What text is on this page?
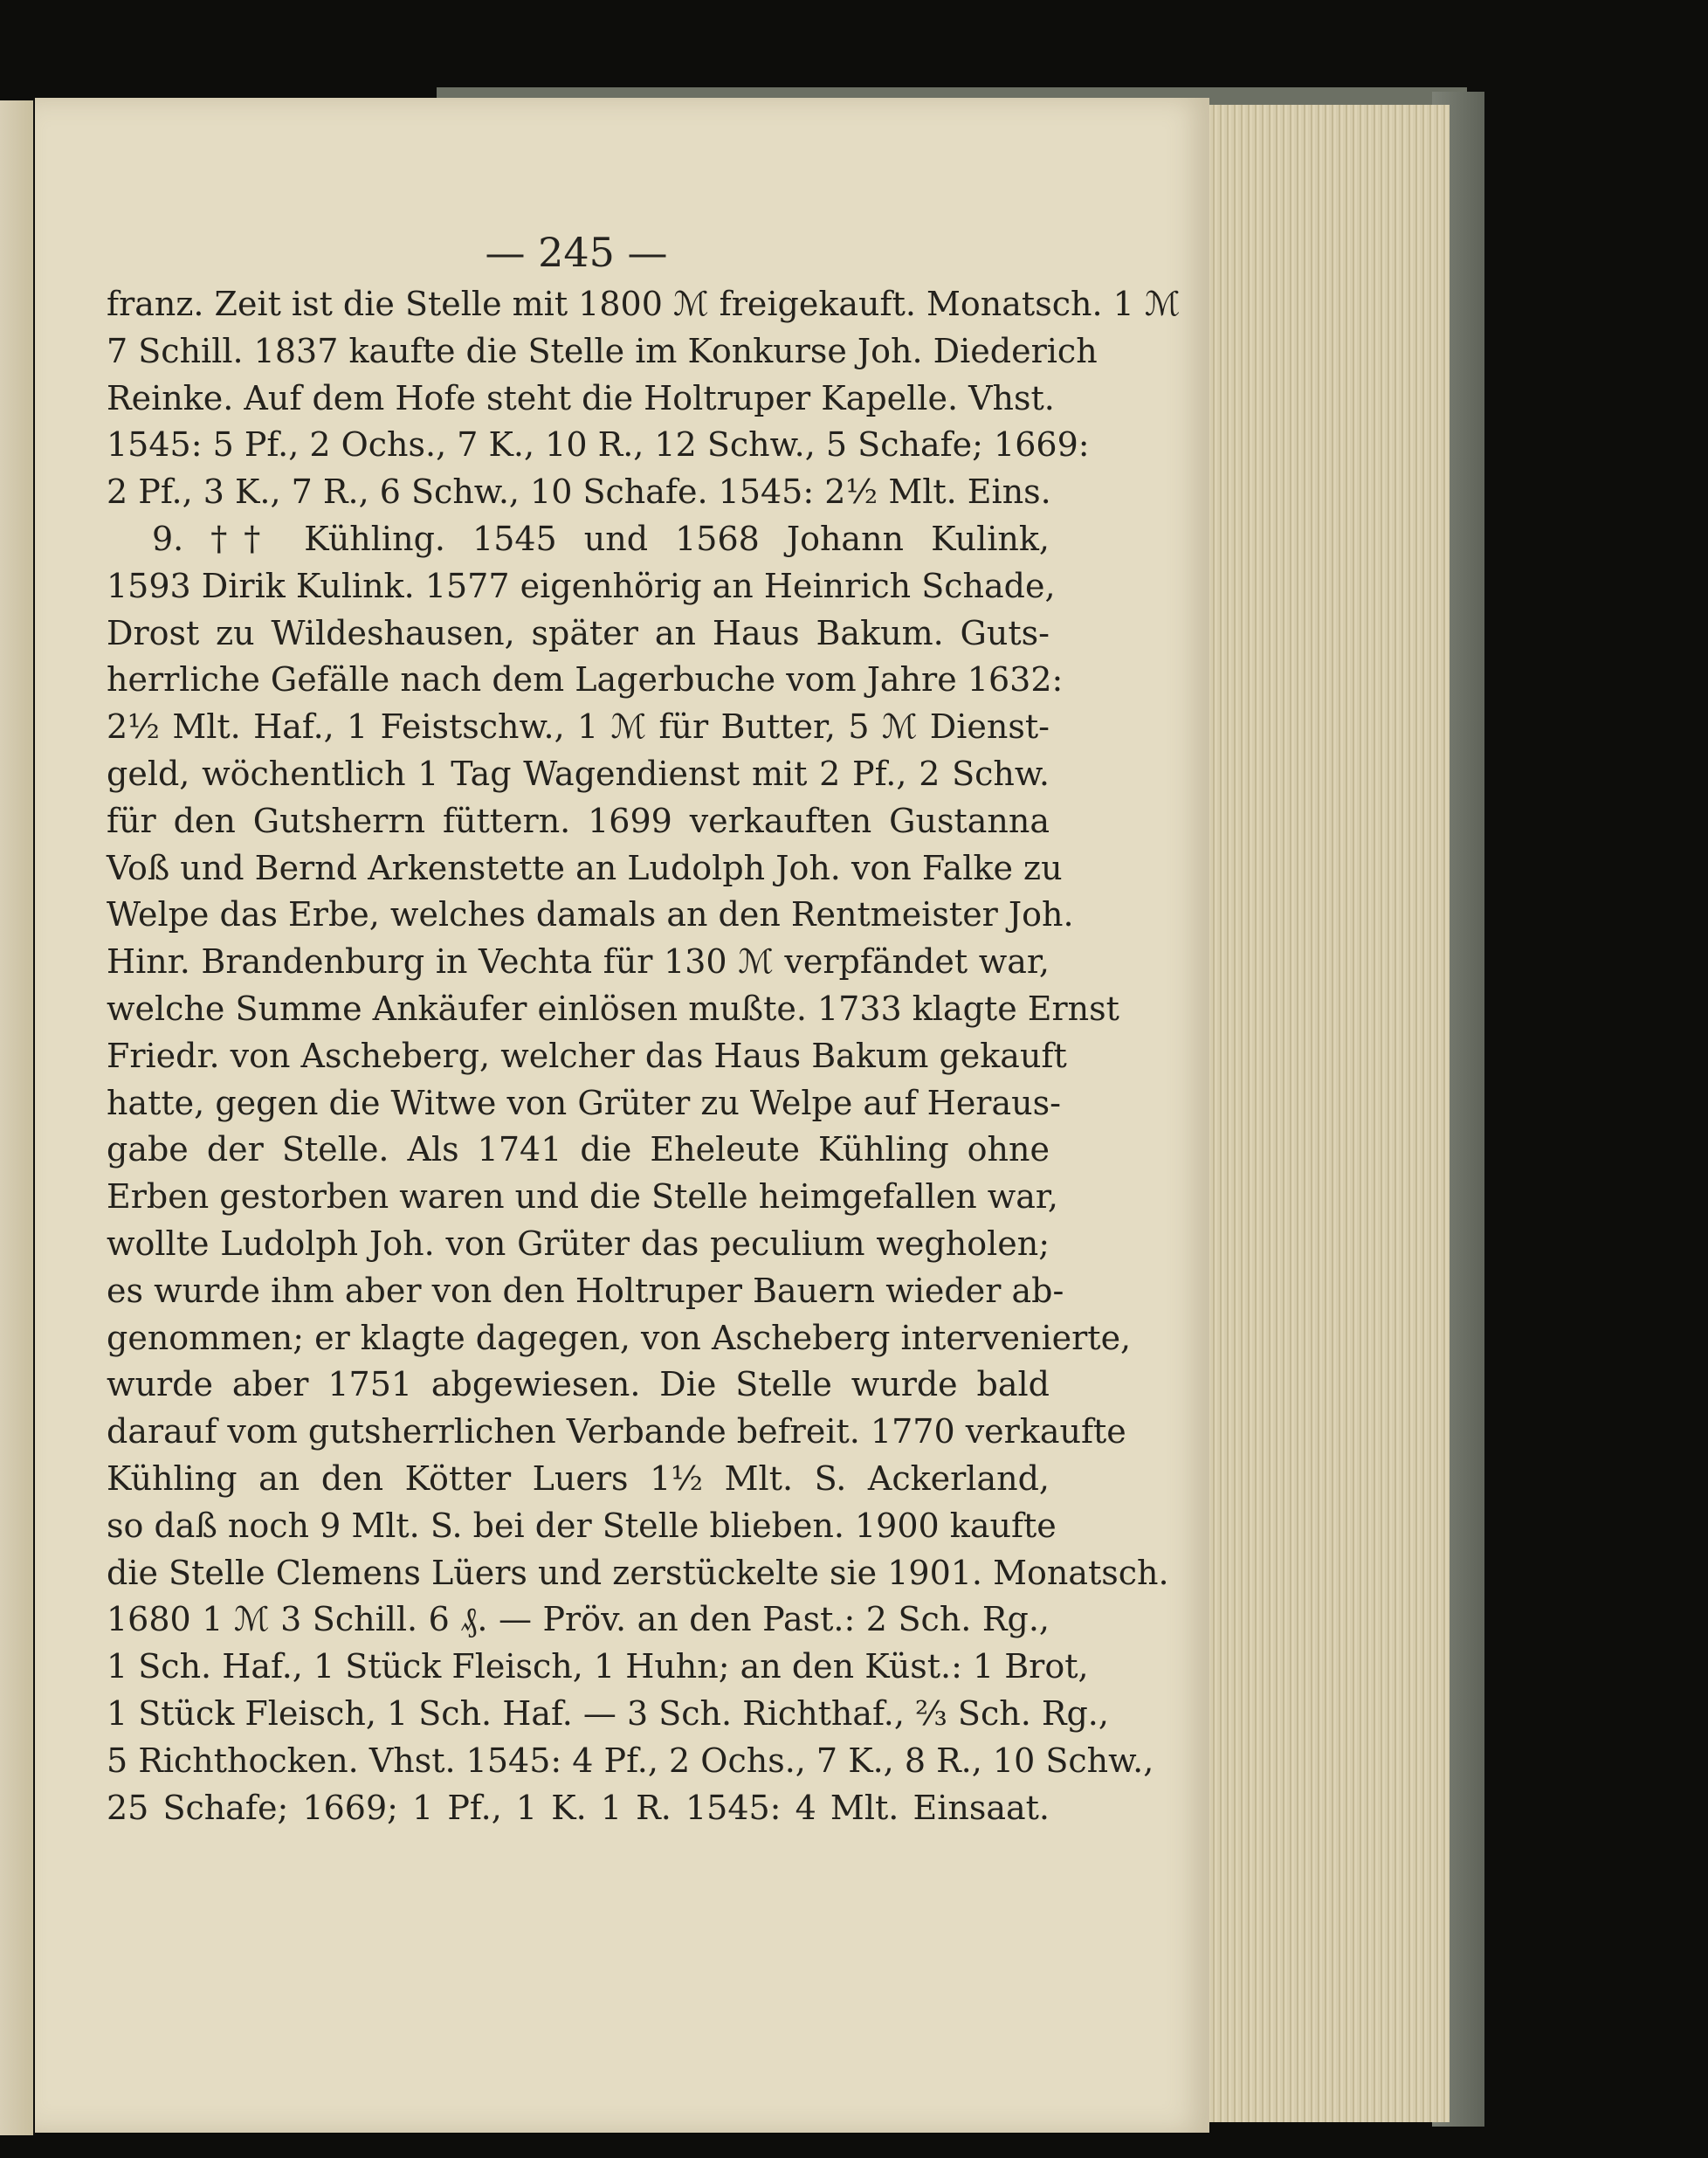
— 245 —
franz. Zeit ist die Stelle mit 1800 ℳ freigekauft. Monatsch. 1 ℳ
7 Schill. 1837 kaufte die Stelle im Konkurse Joh. Diederich
Reinke. Auf dem Hofe steht die Holtruper Kapelle. Vhst.
1545: 5 Pf., 2 Ochs., 7 K., 10 R., 12 Schw., 5 Schafe; 1669:
2 Pf., 3 K., 7 R., 6 Schw., 10 Schafe. 1545: 2½ Mlt. Eins.
9. †† Kühling. 1545 und 1568 Johann Kulink,
1593 Dirik Kulink. 1577 eigenhörig an Heinrich Schade,
Drost zu Wildeshausen, später an Haus Bakum. Guts-
herrliche Gefälle nach dem Lagerbuche vom Jahre 1632:
2½ Mlt. Haf., 1 Feistschw., 1 ℳ für Butter, 5 ℳ Dienst-
geld, wöchentlich 1 Tag Wagendienst mit 2 Pf., 2 Schw.
für den Gutsherrn füttern. 1699 verkauften Gustanna
Voß und Bernd Arkenstette an Ludolph Joh. von Falke zu
Welpe das Erbe, welches damals an den Rentmeister Joh.
Hinr. Brandenburg in Vechta für 130 ℳ verpfändet war,
welche Summe Ankäufer einlösen mußte. 1733 klagte Ernst
Friedr. von Ascheberg, welcher das Haus Bakum gekauft
hatte, gegen die Witwe von Grüter zu Welpe auf Heraus-
gabe der Stelle. Als 1741 die Eheleute Kühling ohne
Erben gestorben waren und die Stelle heimgefallen war,
wollte Ludolph Joh. von Grüter das peculium wegholen;
es wurde ihm aber von den Holtruper Bauern wieder ab-
genommen; er klagte dagegen, von Ascheberg intervenierte,
wurde aber 1751 abgewiesen. Die Stelle wurde bald
darauf vom gutsherrlichen Verbande befreit. 1770 verkaufte
Kühling an den Kötter Luers 1½ Mlt. S. Ackerland,
so daß noch 9 Mlt. S. bei der Stelle blieben. 1900 kaufte
die Stelle Clemens Lüers und zerstückelte sie 1901. Monatsch.
1680 1 ℳ 3 Schill. 6 ₰. — Pröv. an den Past.: 2 Sch. Rg.,
1 Sch. Haf., 1 Stück Fleisch, 1 Huhn; an den Küst.: 1 Brot,
1 Stück Fleisch, 1 Sch. Haf. — 3 Sch. Richthaf., ⅔ Sch. Rg.,
5 Richthocken. Vhst. 1545: 4 Pf., 2 Ochs., 7 K., 8 R., 10 Schw.,
25 Schafe; 1669; 1 Pf., 1 K. 1 R. 1545: 4 Mlt. Einsaat.
